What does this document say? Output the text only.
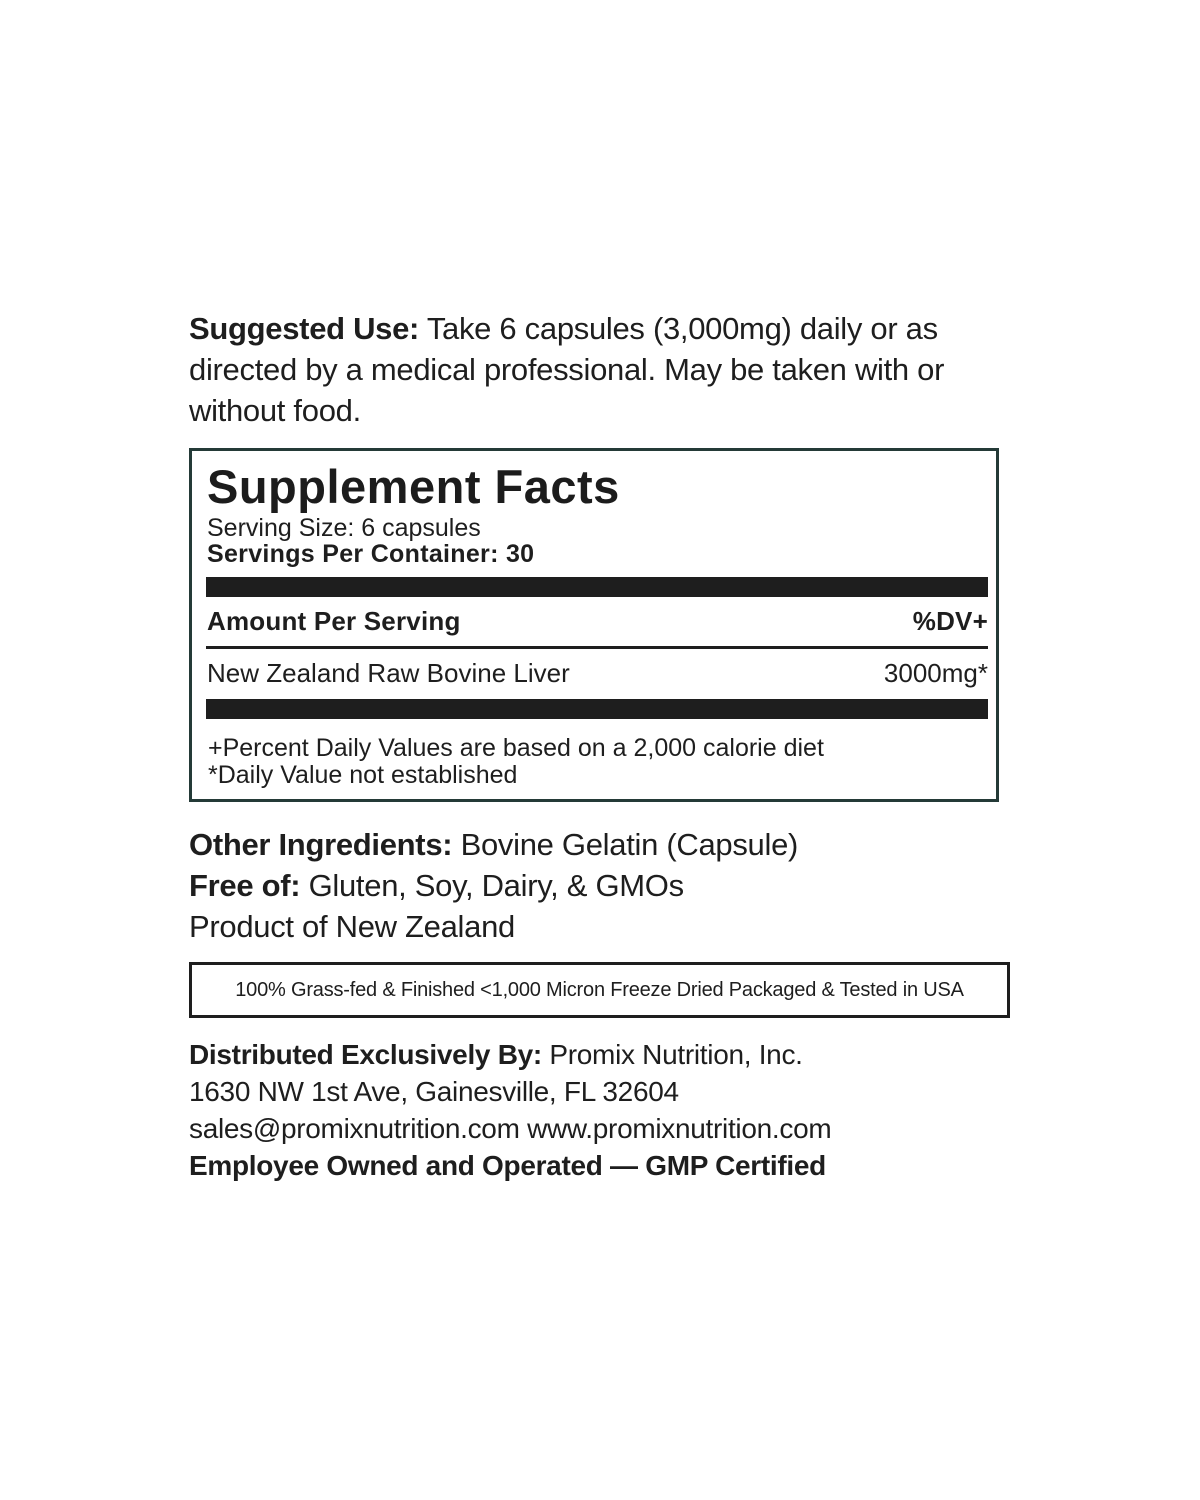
Suggested Use: Take 6 capsules (3,000mg) daily or as directed by a medical professional. May be taken with or without food.
Supplement Facts
Serving Size: 6 capsules
Servings Per Container: 30
Amount Per Serving	%DV+
New Zealand Raw Bovine Liver	3000mg*
+Percent Daily Values are based on a 2,000 calorie diet
*Daily Value not established
Other Ingredients: Bovine Gelatin (Capsule)
Free of: Gluten, Soy, Dairy, & GMOs
Product of New Zealand
100% Grass-fed & Finished <1,000 Micron Freeze Dried Packaged & Tested in USA
Distributed Exclusively By: Promix Nutrition, Inc.
1630 NW 1st Ave, Gainesville, FL 32604
sales@promixnutrition.com www.promixnutrition.com
Employee Owned and Operated — GMP Certified
